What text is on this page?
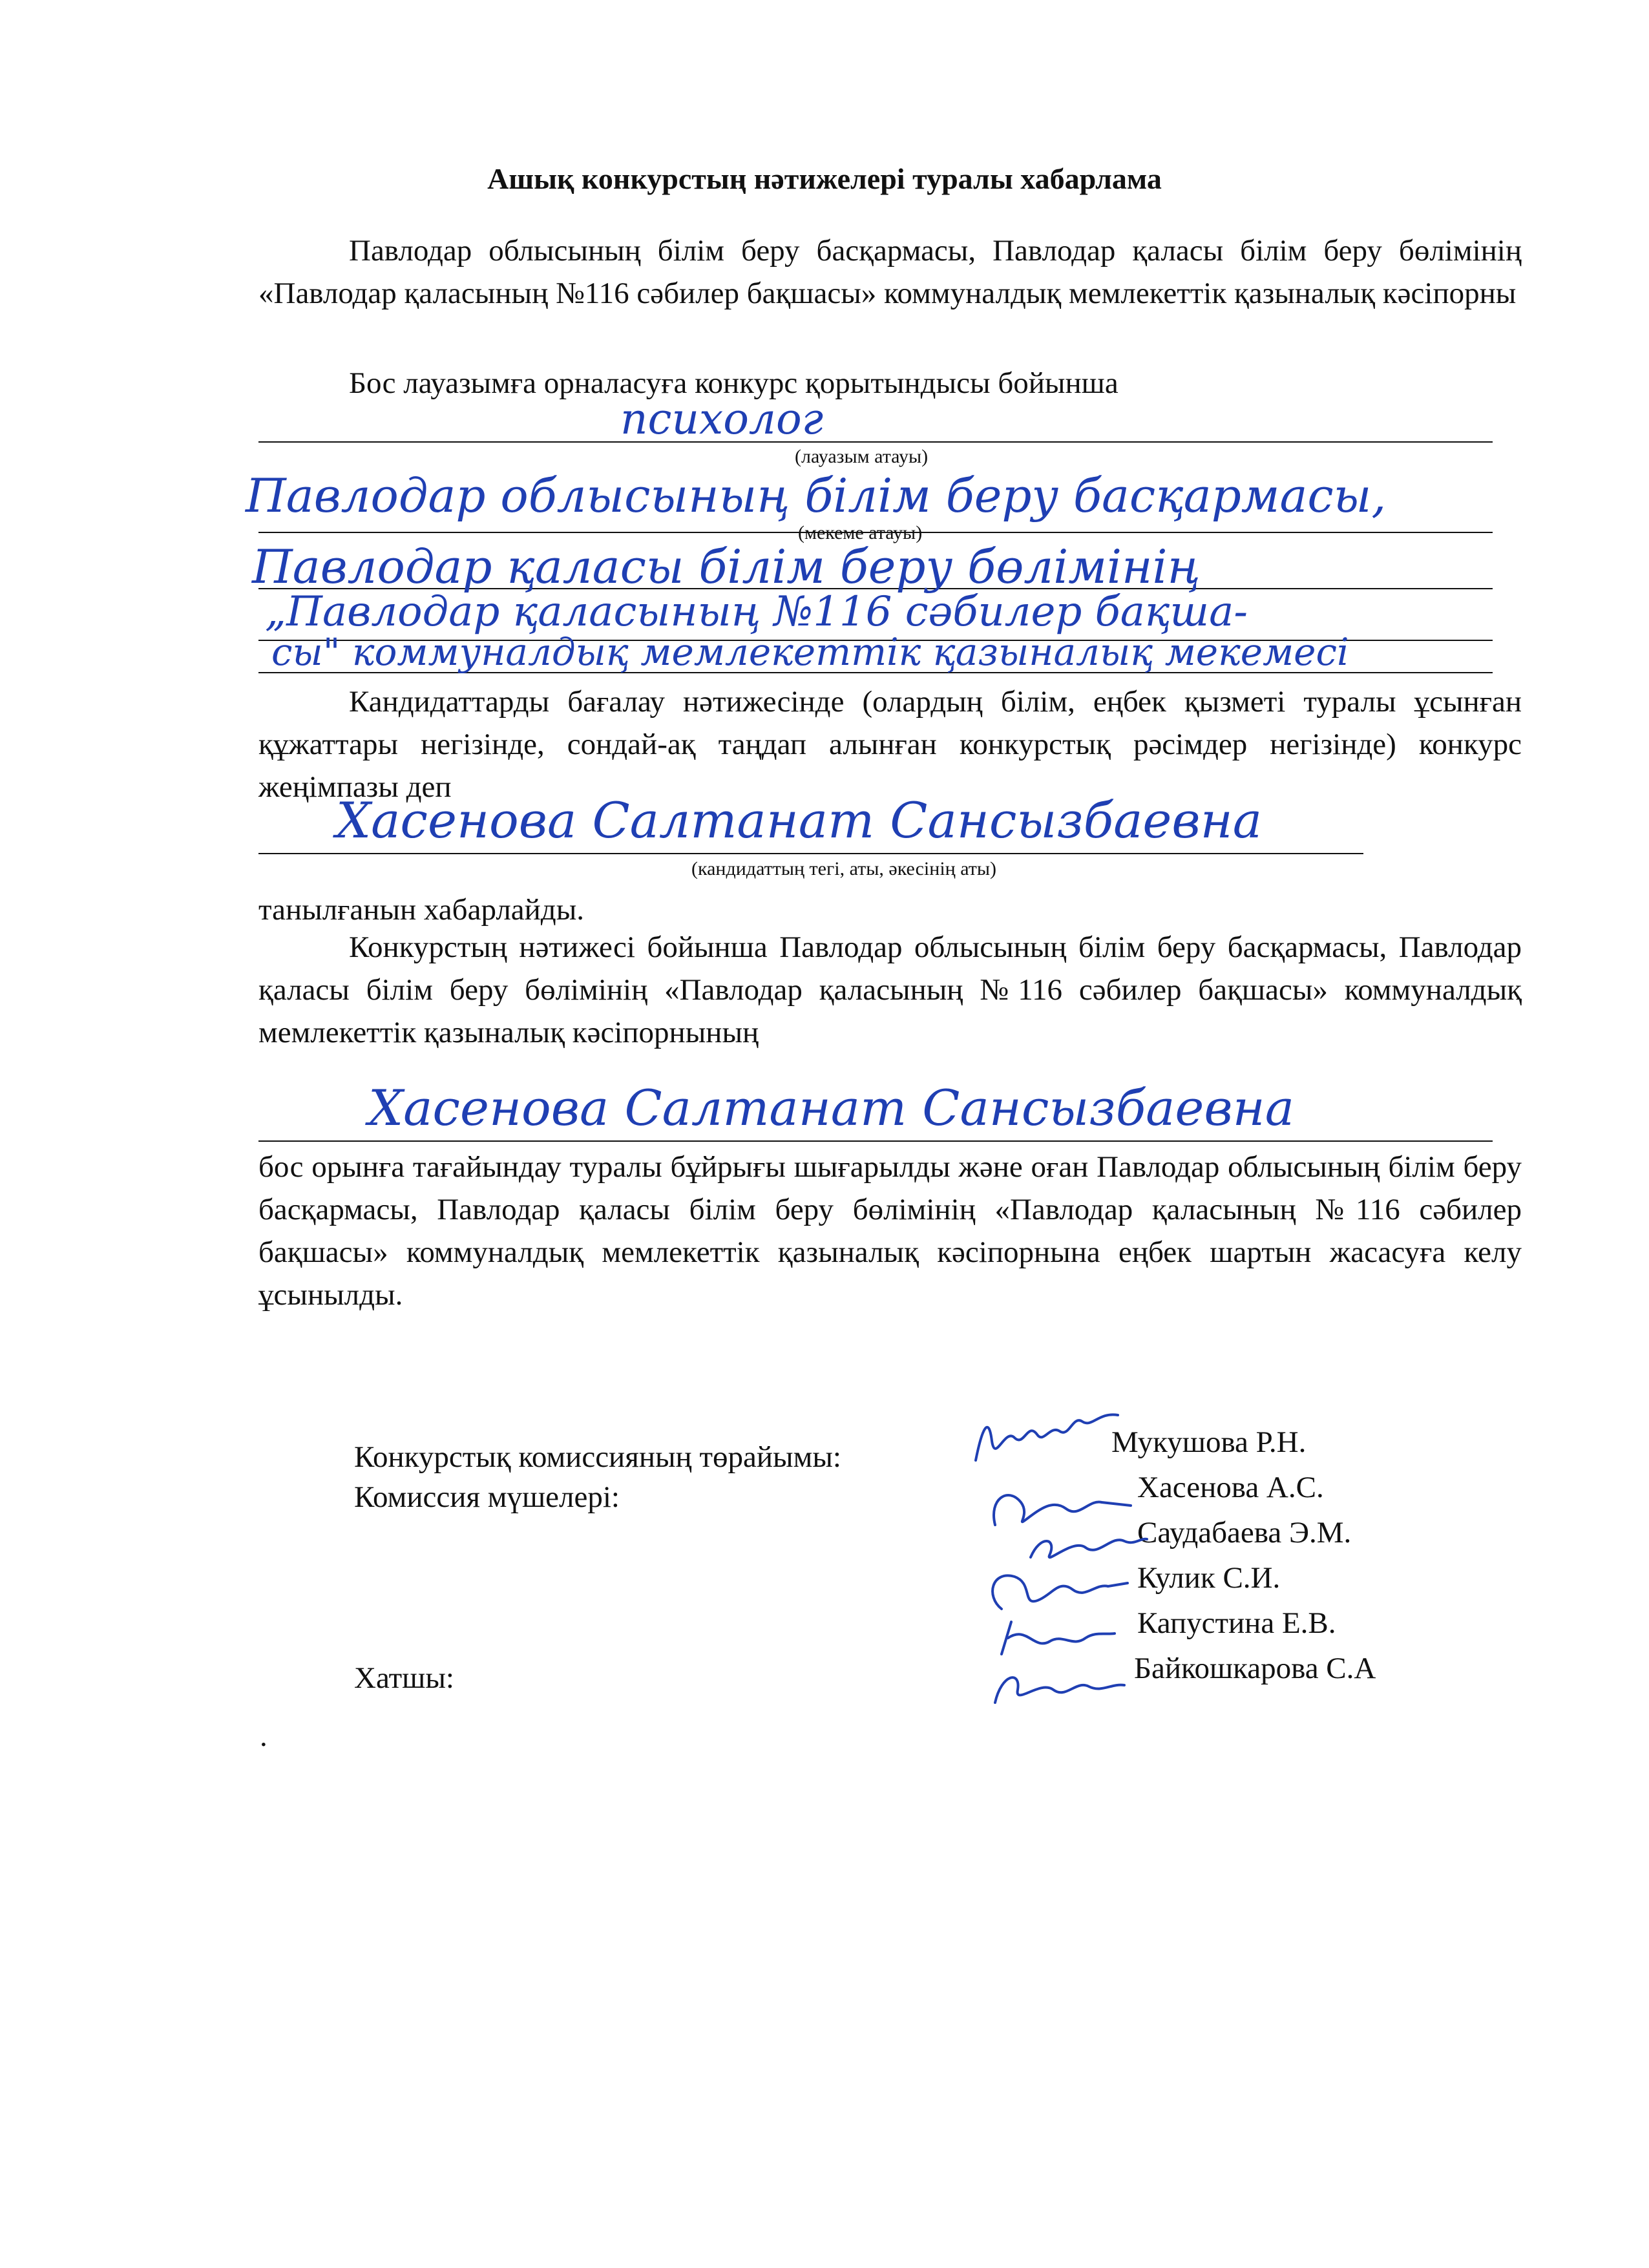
Ашық конкурстың нәтижелері туралы хабарлама
Павлодар облысының білім беру басқармасы, Павлодар қаласы білім беру бөлімінің «Павлодар қаласының №116 сәбилер бақшасы» коммуналдық мемлекеттік қазыналық кәсіпорны
Бос лауазымға орналасуға конкурс қорытындысы бойынша
психолог
(лауазым атауы)
Павлодар облысының білім беру басқармасы,
(мекеме атауы)
Павлодар қаласы білім беру бөлімінің
„Павлодар қаласының №116 сәбилер бақша-
сы" коммуналдық мемлекеттік қазыналық мекемесі
Кандидаттарды бағалау нәтижесінде (олардың білім, еңбек қызметі туралы ұсынған құжаттары негізінде, сондай-ақ таңдап алынған конкурстық рәсімдер негізінде) конкурс жеңімпазы деп
Хасенова Салтанат Сансызбаевна
(кандидаттың тегі, аты, әкесінің аты)
танылғанын хабарлайды.
Конкурстың нәтижесі бойынша Павлодар облысының білім беру басқармасы, Павлодар қаласы білім беру бөлімінің «Павлодар қаласының №116 сәбилер бақшасы» коммуналдық мемлекеттік қазыналық кәсіпорнының
Хасенова Салтанат Сансызбаевна
бос орынға тағайындау туралы бұйрығы шығарылды және оған Павлодар облысының білім беру басқармасы, Павлодар қаласы білім беру бөлімінің «Павлодар қаласының №116 сәбилер бақшасы» коммуналдық мемлекеттік қазыналық кәсіпорнына еңбек шартын жасасуға келу ұсынылды.
Конкурстық комиссияның төрайымы:
Комиссия мүшелері:
Хатшы:
Мукушова Р.Н.
Хасенова А.С.
Саудабаева Э.М.
Кулик С.И.
Капустина Е.В.
Байкошкарова С.А
.
